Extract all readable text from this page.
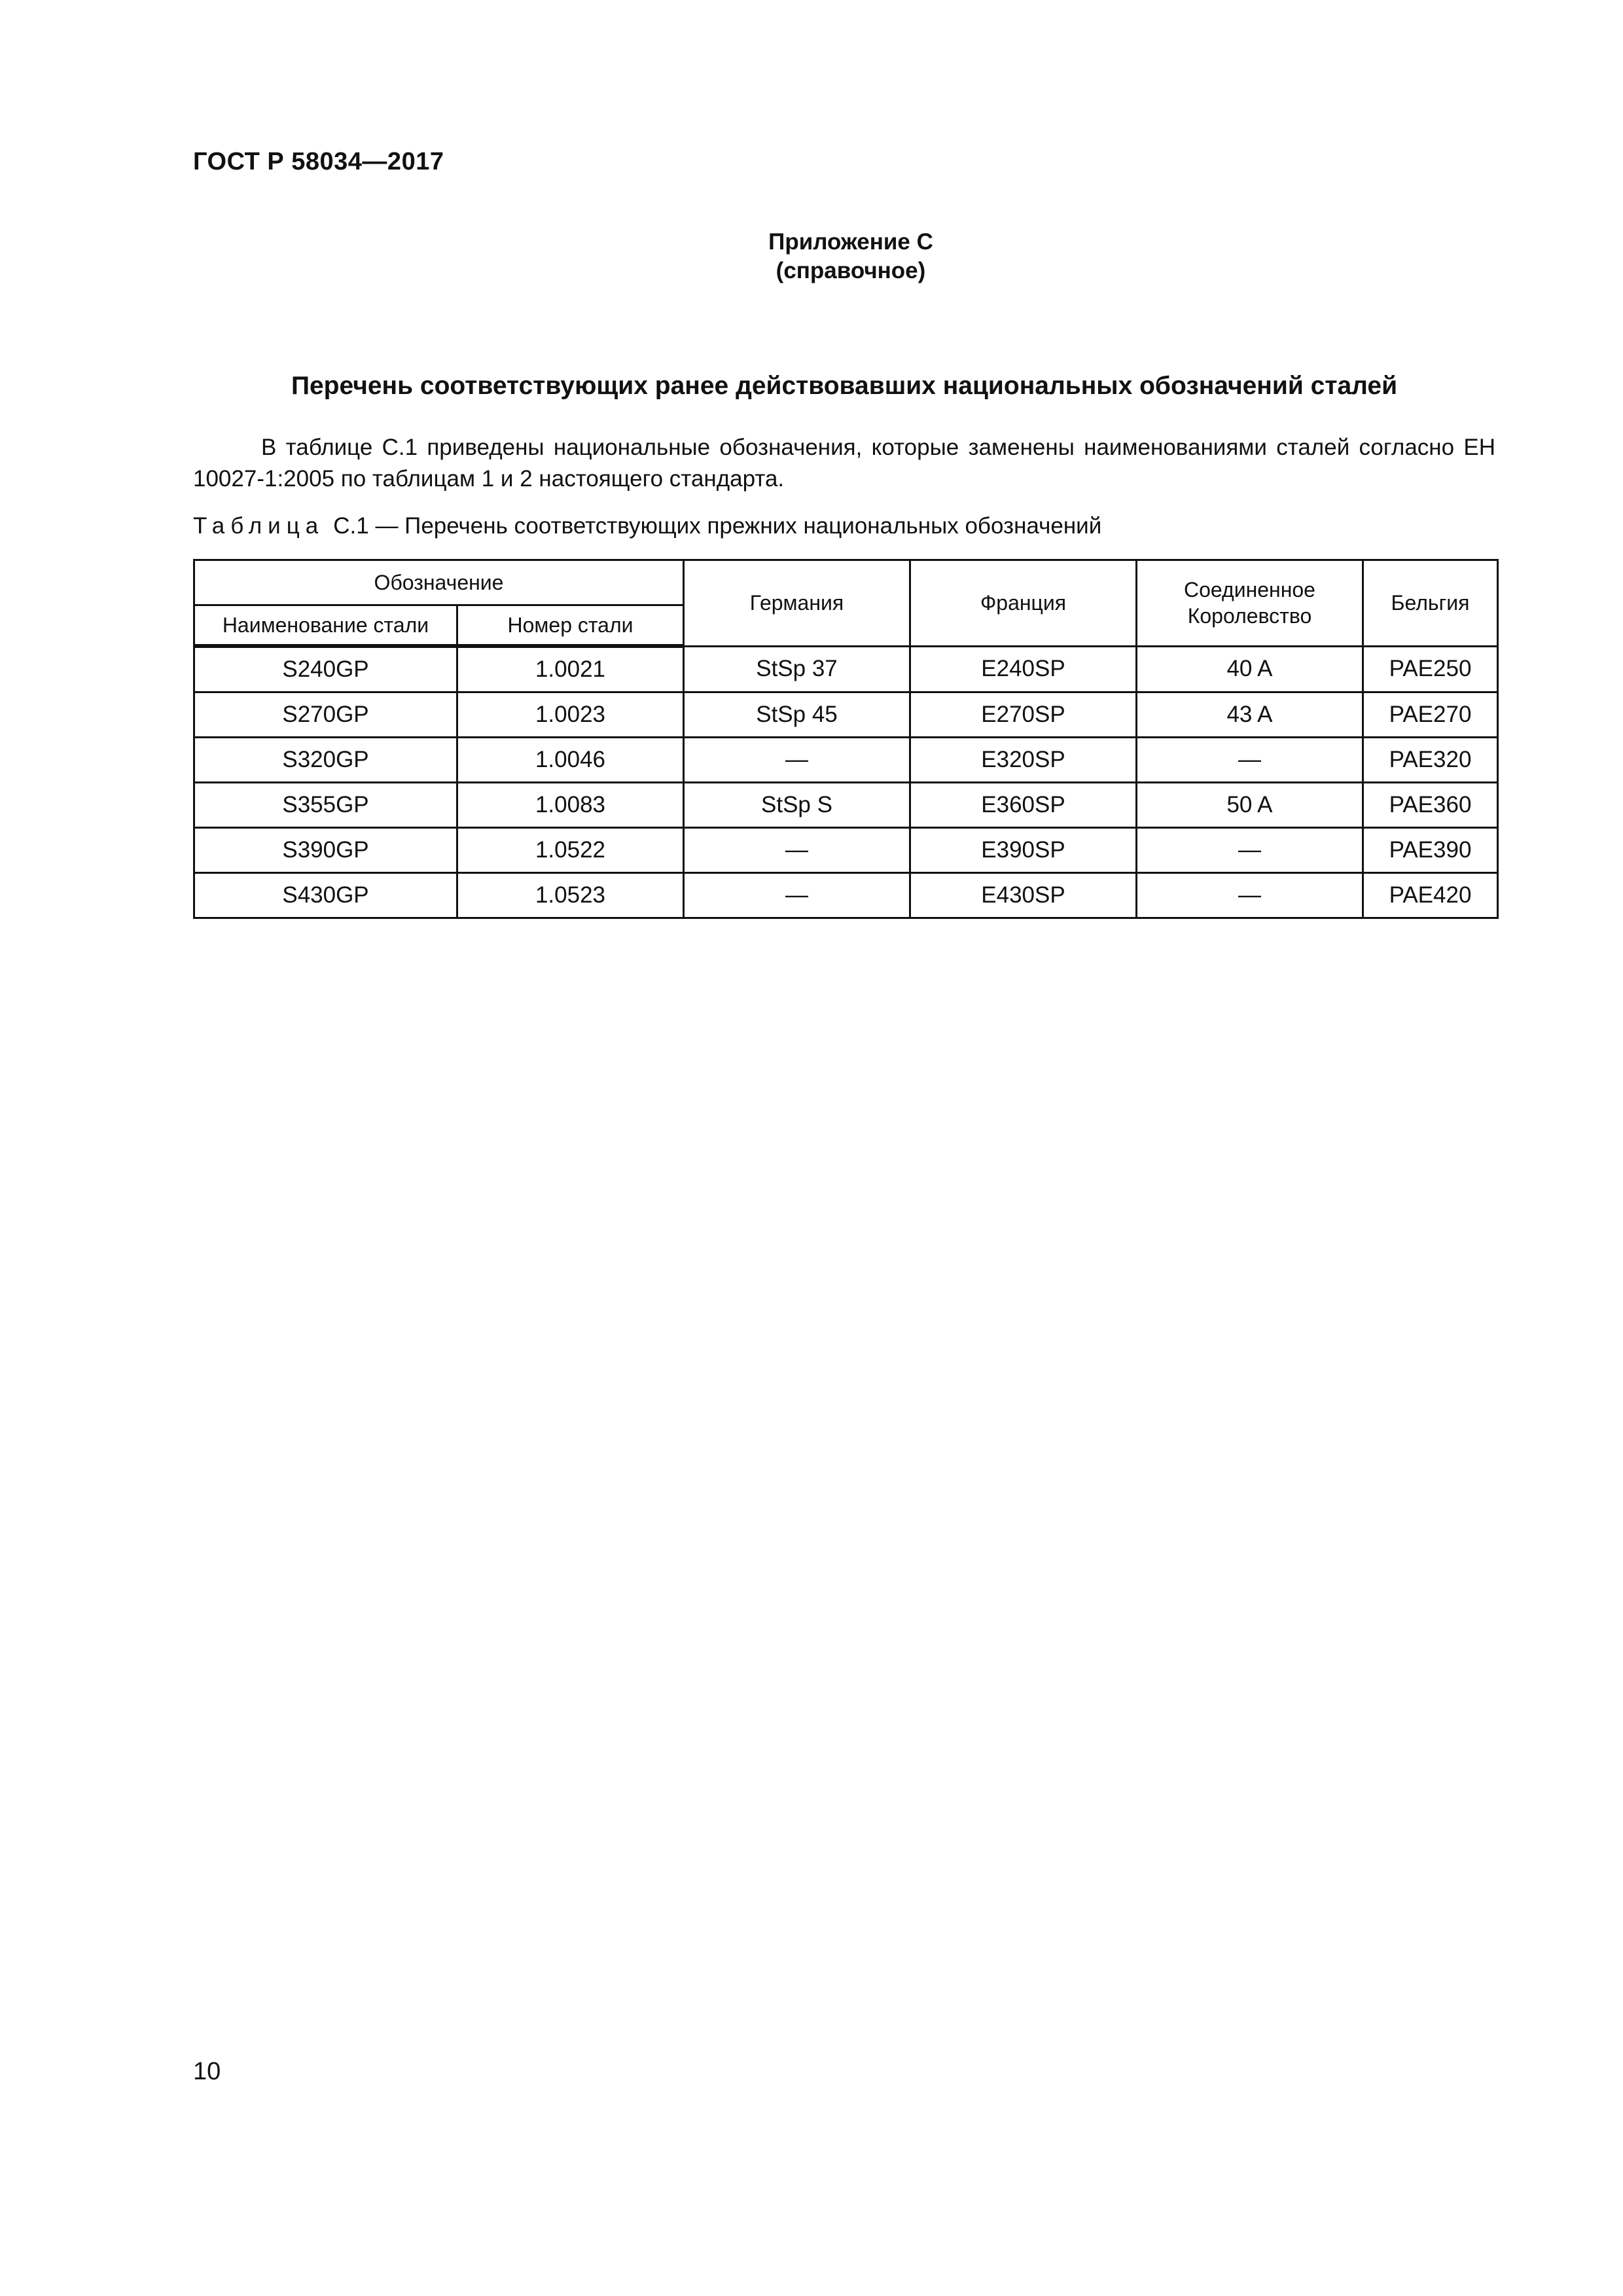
ГОСТ Р 58034—2017
Приложение C
(справочное)
Перечень соответствующих ранее действовавших национальных обозначений сталей

В таблице С.1 приведены национальные обозначения, которые заменены наименованиями сталей согласно ЕН 10027-1:2005 по таблицам 1 и 2 настоящего стандарта.

Таблица С.1 — Перечень соответствующих прежних национальных обозначений
Обозначение		Германия	Франция	Соединенное Королевство	Бельгия
Наименование стали	Номер стали				
S240GP	1.0021	StSp 37	E240SP	40 A	PAE250
S270GP	1.0023	StSp 45	E270SP	43 A	PAE270
S320GP	1.0046	—	E320SP	—	PAE320
S355GP	1.0083	StSp S	E360SP	50 A	PAE360
S390GP	1.0522	—	E390SP	—	PAE390
S430GP	1.0523	—	E430SP	—	PAE420
10
